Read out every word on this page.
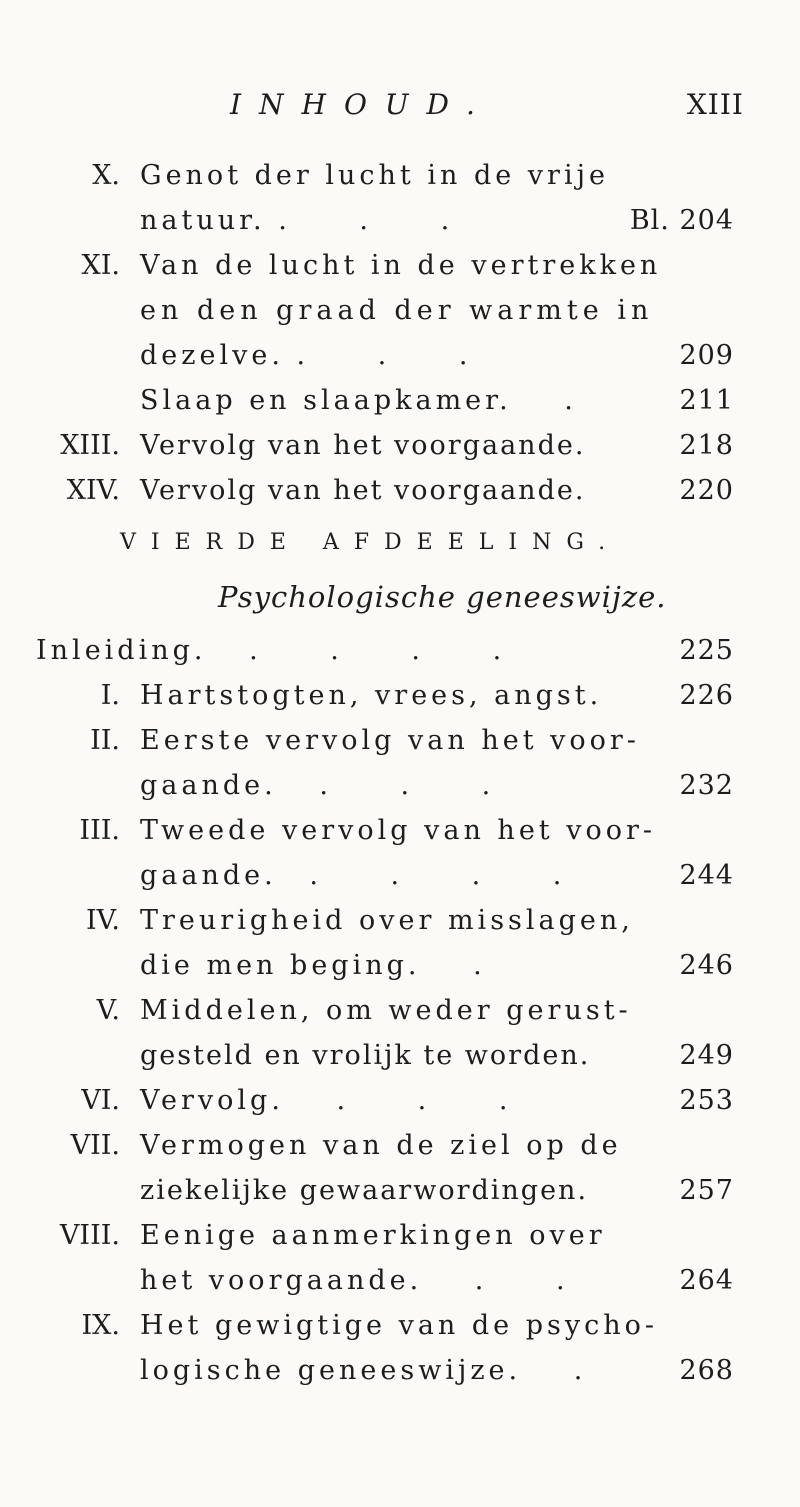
INHOUD.	XIII
X. Genot der lucht in de vrije
natuur. . . .	Bl. 204
XI. Van de lucht in de vertrekken
en den graad der warmte in
dezelve. . . .	209
Slaap en slaapkamer. .	211
XIII. Vervolg van het voorgaande.	218
XIV. Vervolg van het voorgaande.	220
VIERDE AFDEELING.
Psychologische geneeswijze.
Inleiding. . . . .	225
I. Hartstogten, vrees, angst.	226
II. Eerste vervolg van het voor-
gaande. . . .	232
III. Tweede vervolg van het voor-
gaande. . . . .	244
IV. Treurigheid over misslagen,
die men beging. .	246
V. Middelen, om weder gerust-
gesteld en vrolijk te worden.	249
VI. Vervolg. . . .	253
VII. Vermogen van de ziel op de
ziekelijke gewaarwordingen.	257
VIII. Eenige aanmerkingen over
het voorgaande. . .	264
IX. Het gewigtige van de psycho-
logische geneeswijze. . 268
